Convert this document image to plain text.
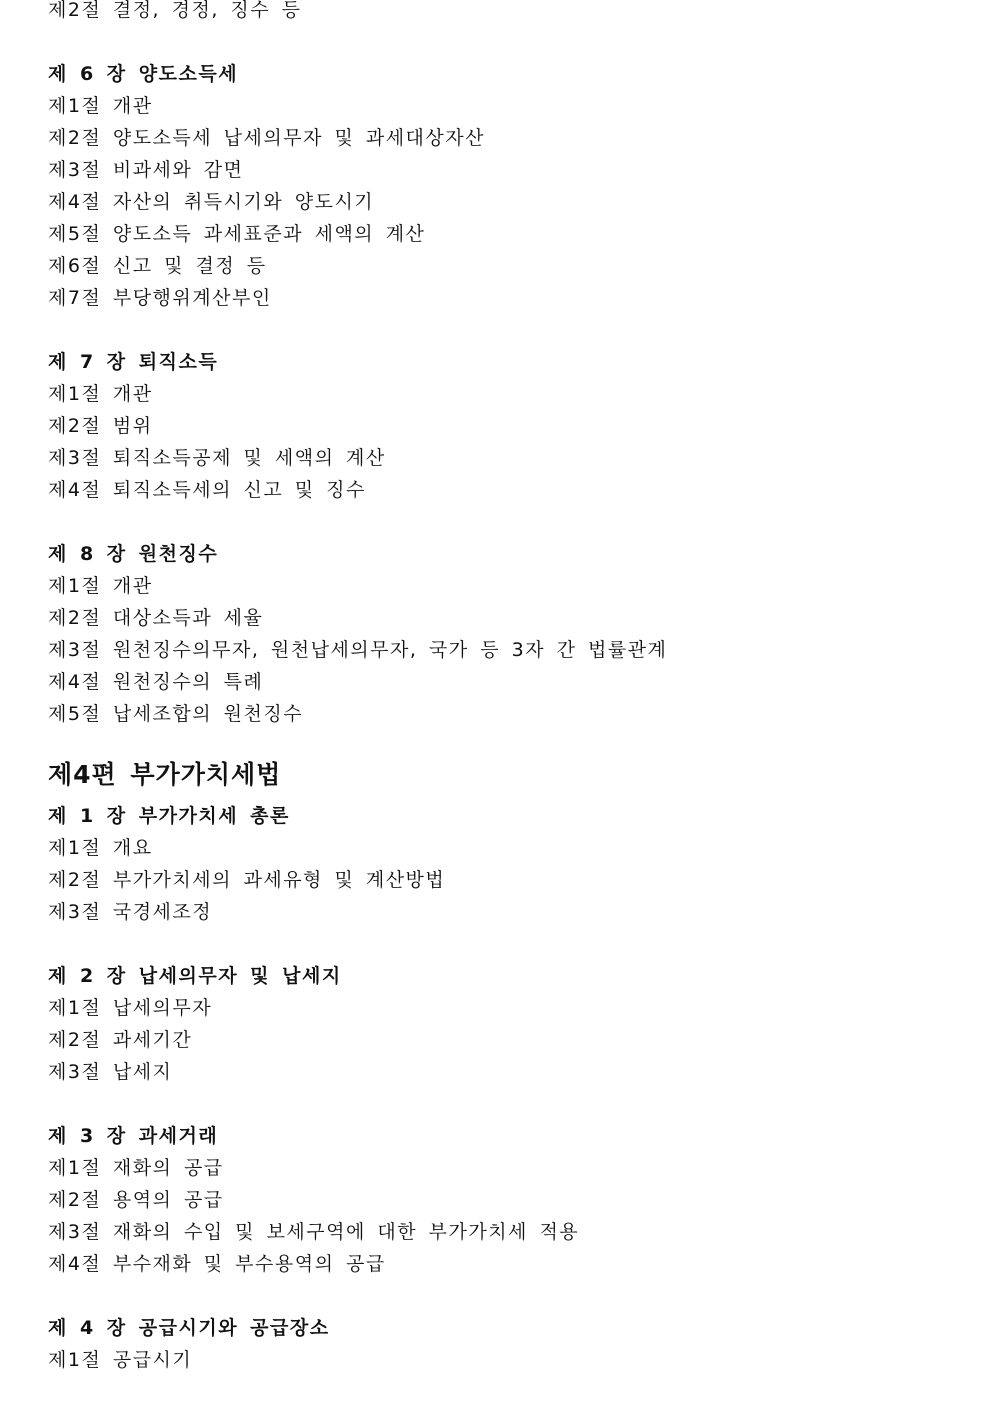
제2절 결정, 경정, 징수 등
제 6 장 양도소득세
제1절 개관
제2절 양도소득세 납세의무자 및 과세대상자산
제3절 비과세와 감면
제4절 자산의 취득시기와 양도시기
제5절 양도소득 과세표준과 세액의 계산
제6절 신고 및 결정 등
제7절 부당행위계산부인
제 7 장 퇴직소득
제1절 개관
제2절 범위
제3절 퇴직소득공제 및 세액의 계산
제4절 퇴직소득세의 신고 및 징수
제 8 장 원천징수
제1절 개관
제2절 대상소득과 세율
제3절 원천징수의무자, 원천납세의무자, 국가 등 3자 간 법률관계
제4절 원천징수의 특례
제5절 납세조합의 원천징수
제4편 부가가치세법
제 1 장 부가가치세 총론
제1절 개요
제2절 부가가치세의 과세유형 및 계산방법
제3절 국경세조정
제 2 장 납세의무자 및 납세지
제1절 납세의무자
제2절 과세기간
제3절 납세지
제 3 장 과세거래
제1절 재화의 공급
제2절 용역의 공급
제3절 재화의 수입 및 보세구역에 대한 부가가치세 적용
제4절 부수재화 및 부수용역의 공급
제 4 장 공급시기와 공급장소
제1절 공급시기
